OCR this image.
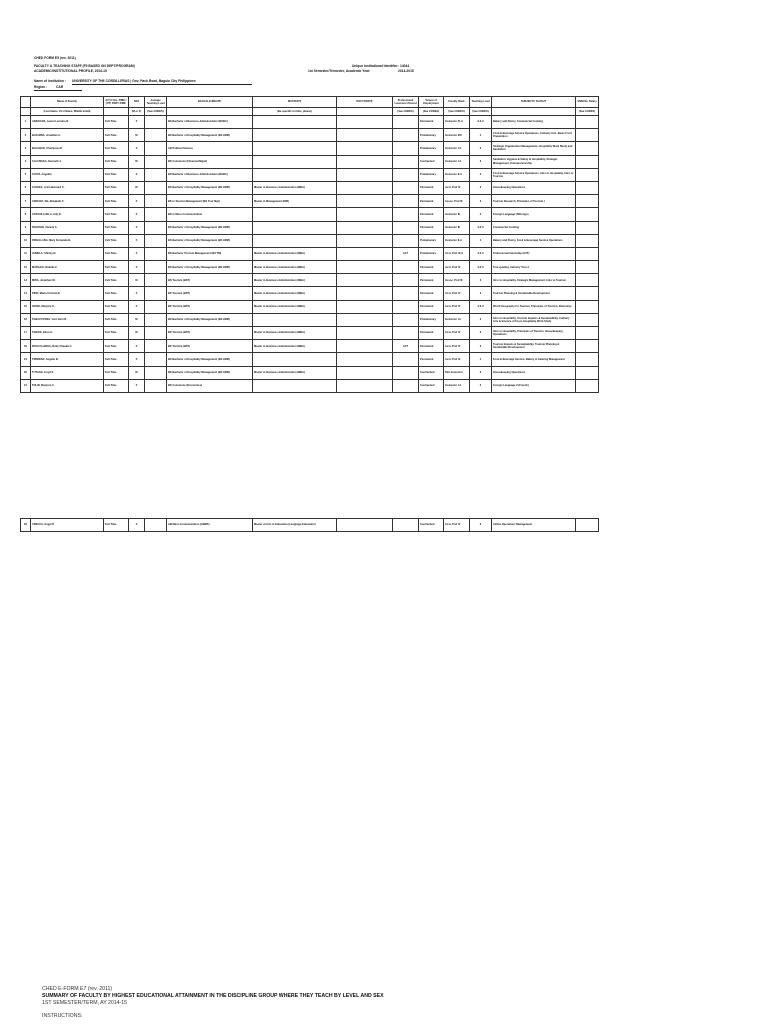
CHED FORM E5 (rev. 2011)
FACULTY & TEACHING STAFF (F5 BASED ON DEPT/PROGRAM)
ACADEMIC/INSTITUTIONAL PROFILE, 2014-15
Unique Institutional Identifier: 14044
1st Semester/Trimester, Academic Year:	2014-2015
Name of Institution : UNIVERSITY OF THE CORDILLERAS | Gov. Pack Road, Baguio City Philippines
Region :	CAR
	Name of Faculty	(FT) FULL-TIME / (PT) PART-TIME	SEX	Average Teaching Load	BACCALAUREATE	MASTER'S	DOCTORATE	Professional Licensure Passed	Tenure of Employment	Faculty Rank	Teaching Load	SUBJECTS TAUGHT	ANNUAL Salary
	(Last Name, First Name, Middle Initial)		(M or F)	(See CODES)		(Be specific in titles, please)		(See CODES)	(See CODES)	(See CODES)	(See CODES)		(See CODES)
1	ABRAGAN, Laurel Lorraine B.	Full-Time	F		BS Bachelor of Business Administration (BSBA)				Permanent	Instructor IV-A	2-3-3	Bakery and Pastry, Commercial Cooking	
2	BAGUIWA, Jonathan A.	Full-Time	M		BS Bachelor of Hospitality Management (BS HRM)				Probationary	Instructor I/III	4	Food & Beverage Service Operations, Culinary Arts, Basic Food Preparation	
3	BALUBAD, Charlynne M.	Full-Time	F		AB Political Science				Probationary	Instructor I-A	2	Strategic Organization Management, Hospitality Work Study and Sanitation	
4	CALUNSAG, Kenneth J.	Full-Time	M		BS Commerce (Financial Mgmt)				Contractual	Instructor I-A	3	Sanitation, Hygiene & Safety in Hospitality, Strategic Management, Entrepreneurship	
5	CAYAT, Angelita	Full-Time	F		BS Bachelor of Business Administration (BSBA)				Probationary	Instructor II-A	2	Food & Beverage Service Operations, Intro to Hospitality, Intro to Tourism	
6	CHAVEZ, Arvin Bernard C.	Full-Time	M		BS Bachelor of Hospitality Management (BS HRM)	Master in Business Administration (MBA)			Permanent	Asst. Prof IV	3	Housekeeping Operations	
7	CIMACIO, Ma. Elizabeth C.	Full-Time	F		BS in Tourism Management (BS Tour Mgt)	Master in Management (MM)			Permanent	Assoc. Prof III	3	Tourism Research, Principles of Tourism I	
8	COSCOLLUELA, Ady R.	Full-Time	F		BS in Mass Communication				Permanent	Instructor III	2	Foreign Language (Nihongo)	
9	DOLPHIN, Vianely A.	Full-Time	F		BS Bachelor of Hospitality Management (BS HRM)				Permanent	Instructor III	3-3-3	Commercial Cooking	
10	FRIGILLANA, Mary Fernanda B.	Full-Time	F		BS Bachelor of Hospitality Management (BS HRM)				Probationary	Instructor II-A	4	Bakery and Pastry, Food & Beverage Service Operations	
11	JUMELA, Shirley R.	Full-Time	F		BS Bachelor Tourism Management (BS TM)	Master in Business Administration (MBA)		LET	Probationary	Asst. Prof IV-A	3-3-3	Professional Internship (OJT)	
12	MAÑAGO, Rubelle F.	Full-Time	F		BS Bachelor of Hospitality Management (BS HRM)	Master in Business Administration (MBA)			Permanent	Asst. Prof IV	3-3-3	Tour-guiding, Industry Tour 2	
13	MIRA, Jonathan M.	Full-Time	M		BS Tourism (BST)	Master in Business Administration (MBA)			Permanent	Assoc. Prof III	3	Intro to Hospitality, Strategic Management, Intro to Tourism	
14	PINO, Maria Cristina B.	Full-Time	F		BS Tourism (BST)	Master in Business Administration (MBA)			Permanent	Asst. Prof IV	3	Tourism Planning & Sustainable Development	
15	SIOSE, Marjorie S.	Full-Time	F		BS Tourism (BST)	Master in Business Administration (MBA)			Permanent	Asst. Prof IV	3-3-3	World Geography for Tourism, Principles of Tourism, Internship	
16	TABAYOYONG, Carl John R.	Full-Time	M		BS Bachelor of Hospitality Management (BS HRM)				Probationary	Instructor I-C	3	Intro to Hospitality, Tourism Impacts & Sustainability, Culinary Arts & Science of Food, Hospitality Work Study	
17	TABIOS, Elton A.	Full-Time	M		BS Tourism (BST)	Master in Business Administration (MBA)			Permanent	Asst. Prof IV	3	Intro to Hospitality, Principles of Tourism, Housekeeping Operations	
18	PASCUA-ENSA, Ruby Claudia C.	Full-Time	F		BS Tourism (BST)	Master in Business Administration (MBA)		LET	Permanent	Asst. Prof IV	3	Tourism Impacts & Sustainability, Tourism Planning & Sustainable Development	
19	TRINIDAD, Angelie B.	Full-Time	F		BS Bachelor of Hospitality Management (BS HRM)				Permanent	Asst. Prof IV	4	Food & Beverage Service, Bakery & Catering Management	
20	TUTAAN, Lloyd S.	Full-Time	M		BS Bachelor of Hospitality Management (BS HRM)	Master in Business Administration (MBA)			Contractual	Part Instructor	3	Housekeeping Operations	
21	TOLIN, Marjorie C.	Full-Time	F		BS Commerce (Economics)				Contractual	Instructor I-A	2	Foreign Language 2 (French)	
29	YBECCA, Angel P.	Full-Time	F		AB Mass Communication (ABMC)	Master of Arts in Education (Language Education)			Contractual	Asst. Prof IV	3	Airline Operations Management	
CHED E-FORM E7 (rev. 2011)
SUMMARY OF FACULTY BY HIGHEST EDUCATIONAL ATTAINMENT IN THE DISCIPLINE GROUP WHERE THEY TEACH BY LEVEL AND SEX
1ST SEMESTER/TERM, AY 2014-15
INSTRUCTIONS:
